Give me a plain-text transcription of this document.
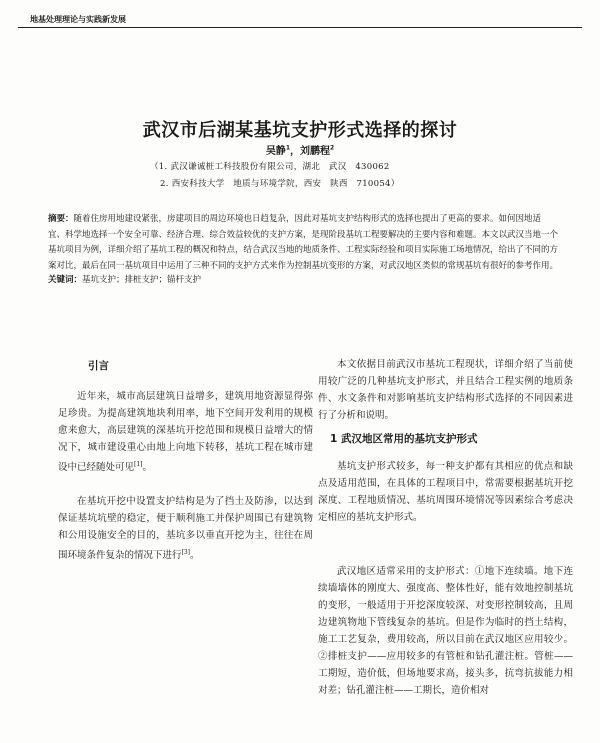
地基处理理论与实践新发展
武汉市后湖某基坑支护形式选择的探讨
吴静$^1$，刘鹏程$^2$
（1. 武汉谦诚桩工科技股份有限公司，湖北　武汉　430062
2. 西安科技大学　地质与环境学院，西安　陕西　710054）

摘要：随着住房用地建设紧张，房建项目的周边环境也日趋复杂，因此对基坑支护结构形式的选择也提出了更高的要求。如何因地适宜、科学地选择一个安全可靠、经济合理、综合效益较优的支护方案，是现阶段基坑工程要解决的主要内容和难题。本文以武汉当地一个基坑项目为例，详细介绍了基坑工程的概况和特点，结合武汉当地的地质条件、工程实际经验和项目实际施工场地情况，给出了不同的方案对比，最后在同一基坑项目中运用了三种不同的支护方式来作为控制基坑变形的方案，对武汉地区类似的常规基坑有很好的参考作用。

关键词：基坑支护；排桩支护；锚杆支护

引言

近年来，城市高层建筑日益增多，建筑用地资源显得弥足珍贵。为提高建筑地块利用率，地下空间开发利用的规模愈来愈大，高层建筑的深基坑开挖范围和规模日益增大的情况下，城市建设重心由地上向地下转移，基坑工程在城市建设中已经随处可见[1]。

在基坑开挖中设置支护结构是为了挡土及防渗，以达到保证基坑坑壁的稳定，便于顺利施工并保护周围已有建筑物和公用设施安全的目的，基坑多以垂直开挖为主，往往在周围环境条件复杂的情况下进行[3]。

本文依据目前武汉市基坑工程现状，详细介绍了当前使用较广泛的几种基坑支护形式，并且结合工程实例的地质条件、水文条件和对影响基坑支护结构形式选择的不同因素进行了分析和说明。

1 武汉地区常用的基坑支护形式

基坑支护形式较多，每一种支护都有其相应的优点和缺点及适用范围，在具体的工程项目中，常需要根据基坑开挖深度、工程地质情况、基坑周围环境情况等因素综合考虑决定相应的基坑支护形式。

武汉地区适常采用的支护形式：①地下连续墙。地下连续墙墙体的刚度大、强度高、整体性好，能有效地控制基坑的变形，一般适用于开挖深度较深、对变形控制较高，且周边建筑物地下管线复杂的基坑。但是作为临时的挡土结构，施工工艺复杂，费用较高，所以目前在武汉地区应用较少。②排桩支护——应用较多的有管桩和钻孔灌注桩。管桩——工期短，造价低，但场地要求高，接头多，抗弯抗拔能力相对差；钻孔灌注桩——工期长，造价相对
